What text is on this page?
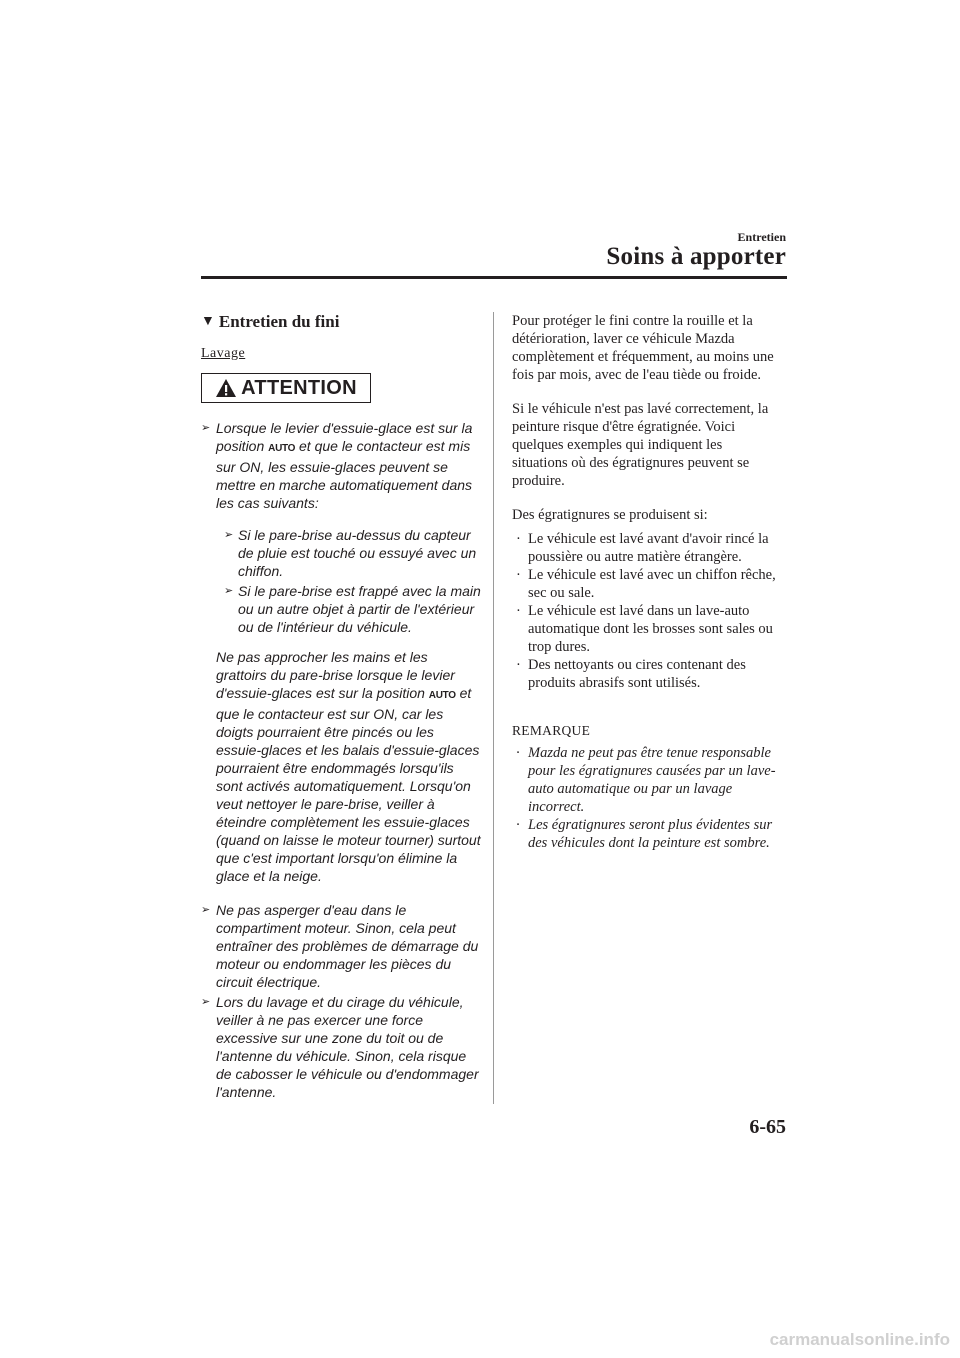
Entretien
Soins à apporter
▼ Entretien du fini
Lavage
ATTENTION
➢ Lorsque le levier d'essuie-glace est sur la position AUTO et que le contacteur est mis sur ON, les essuie-glaces peuvent se mettre en marche automatiquement dans les cas suivants:
➢ Si le pare-brise au-dessus du capteur de pluie est touché ou essuyé avec un chiffon.
➢ Si le pare-brise est frappé avec la main ou un autre objet à partir de l'extérieur ou de l'intérieur du véhicule.
Ne pas approcher les mains et les grattoirs du pare-brise lorsque le levier d'essuie-glaces est sur la position AUTO et que le contacteur est sur ON, car les doigts pourraient être pincés ou les essuie-glaces et les balais d'essuie-glaces pourraient être endommagés lorsqu'ils sont activés automatiquement. Lorsqu'on veut nettoyer le pare-brise, veiller à éteindre complètement les essuie-glaces (quand on laisse le moteur tourner) surtout que c'est important lorsqu'on élimine la glace et la neige.
➢ Ne pas asperger d'eau dans le compartiment moteur. Sinon, cela peut entraîner des problèmes de démarrage du moteur ou endommager les pièces du circuit électrique.
➢ Lors du lavage et du cirage du véhicule, veiller à ne pas exercer une force excessive sur une zone du toit ou de l'antenne du véhicule. Sinon, cela risque de cabosser le véhicule ou d'endommager l'antenne.

Pour protéger le fini contre la rouille et la détérioration, laver ce véhicule Mazda complètement et fréquemment, au moins une fois par mois, avec de l'eau tiède ou froide.

Si le véhicule n'est pas lavé correctement, la peinture risque d'être égratignée. Voici quelques exemples qui indiquent les situations où des égratignures peuvent se produire.

Des égratignures se produisent si:

· Le véhicule est lavé avant d'avoir rincé la poussière ou autre matière étrangère.
· Le véhicule est lavé avec un chiffon rêche, sec ou sale.
· Le véhicule est lavé dans un lave-auto automatique dont les brosses sont sales ou trop dures.
· Des nettoyants ou cires contenant des produits abrasifs sont utilisés.
REMARQUE
· Mazda ne peut pas être tenue responsable pour les égratignures causées par un lave-auto automatique ou par un lavage incorrect.
· Les égratignures seront plus évidentes sur des véhicules dont la peinture est sombre.
6-65
carmanualsonline.info
